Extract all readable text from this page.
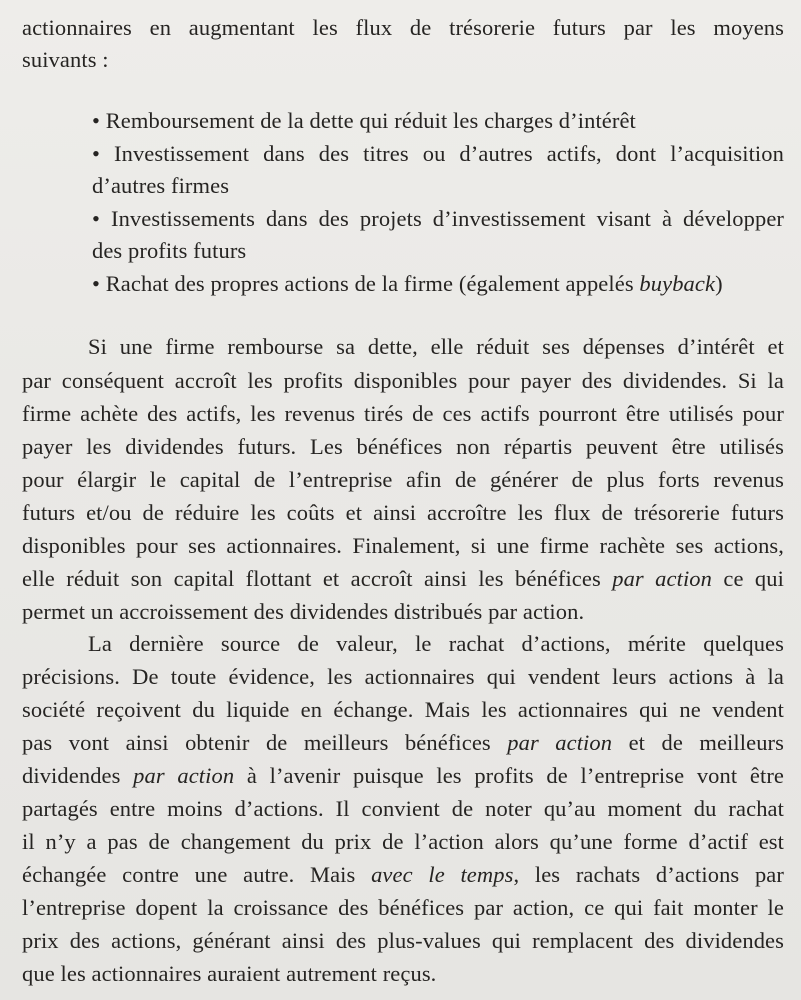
actionnaires en augmentant les flux de trésorerie futurs par les moyens
suivants :
• Remboursement de la dette qui réduit les charges d’intérêt
• Investissement dans des titres ou d’autres actifs, dont l’acquisition
d’autres firmes
• Investissements dans des projets d’investissement visant à développer
des profits futurs
• Rachat des propres actions de la firme (également appelés buyback)
Si une firme rembourse sa dette, elle réduit ses dépenses d’intérêt et
par conséquent accroît les profits disponibles pour payer des dividendes. Si la
firme achète des actifs, les revenus tirés de ces actifs pourront être utilisés pour
payer les dividendes futurs. Les bénéfices non répartis peuvent être utilisés
pour élargir le capital de l’entreprise afin de générer de plus forts revenus
futurs et/ou de réduire les coûts et ainsi accroître les flux de trésorerie futurs
disponibles pour ses actionnaires. Finalement, si une firme rachète ses actions,
elle réduit son capital flottant et accroît ainsi les bénéfices par action ce qui
permet un accroissement des dividendes distribués par action.
La dernière source de valeur, le rachat d’actions, mérite quelques
précisions. De toute évidence, les actionnaires qui vendent leurs actions à la
société reçoivent du liquide en échange. Mais les actionnaires qui ne vendent
pas vont ainsi obtenir de meilleurs bénéfices par action et de meilleurs
dividendes par action à l’avenir puisque les profits de l’entreprise vont être
partagés entre moins d’actions. Il convient de noter qu’au moment du rachat
il n’y a pas de changement du prix de l’action alors qu’une forme d’actif est
échangée contre une autre. Mais avec le temps, les rachats d’actions par
l’entreprise dopent la croissance des bénéfices par action, ce qui fait monter le
prix des actions, générant ainsi des plus-values qui remplacent des dividendes
que les actionnaires auraient autrement reçus.
